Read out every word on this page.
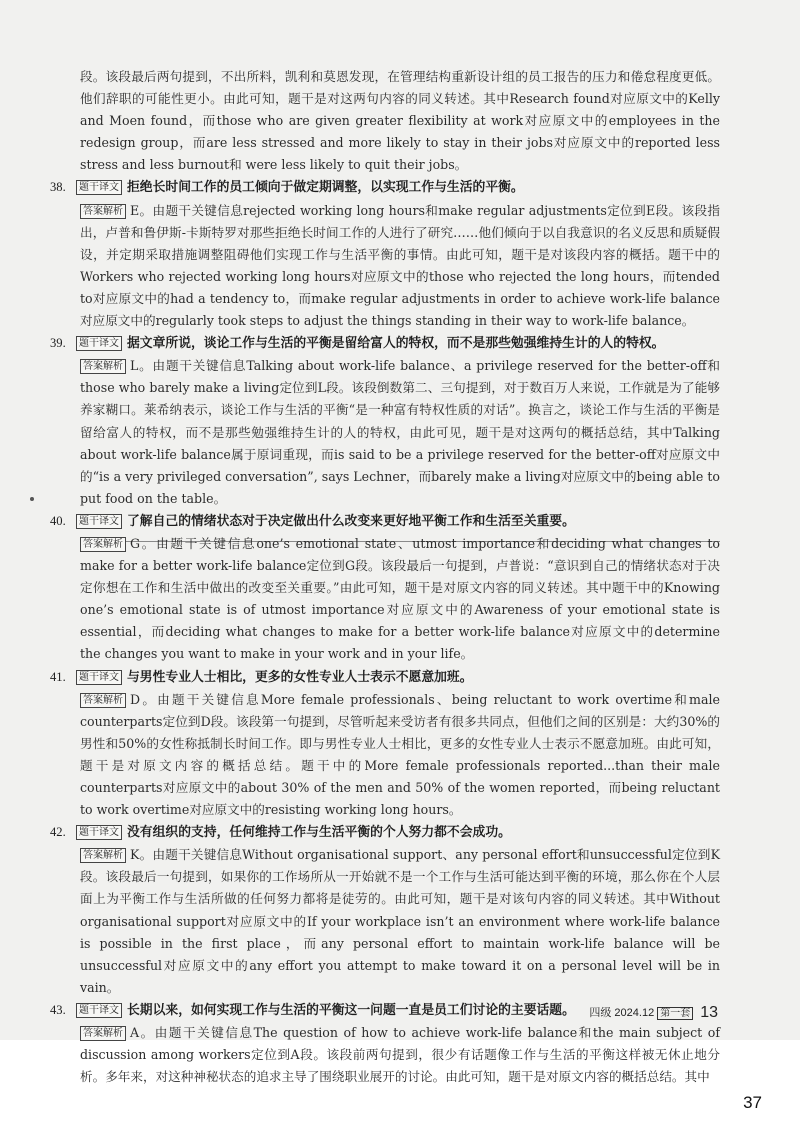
段。该段最后两句提到，不出所料，凯利和莫恩发现，在管理结构重新设计组的员工报告的压力和倦怠程度更低。他们辞职的可能性更小。由此可知，题干是对这两句内容的同义转述。其中Research found对应原文中的Kelly and Moen found，而those who are given greater flexibility at work对应原文中的employees in the redesign group，而are less stressed and more likely to stay in their jobs对应原文中的reported less stress and less burnout和 were less likely to quit their jobs。

38. 题干译文 拒绝长时间工作的员工倾向于做定期调整，以实现工作与生活的平衡。
答案解析 E。由题干关键信息rejected working long hours和make regular adjustments定位到E段。该段指出，卢普和鲁伊斯-卡斯特罗对那些拒绝长时间工作的人进行了研究……他们倾向于以自我意识的名义反思和质疑假设，并定期采取措施调整阻碍他们实现工作与生活平衡的事情。由此可知，题干是对该段内容的概括。题干中的Workers who rejected working long hours对应原文中的those who rejected the long hours，而tended to对应原文中的had a tendency to，而make regular adjustments in order to achieve work-life balance对应原文中的regularly took steps to adjust the things standing in their way to work-life balance。
39. 题干译文 据文章所说，谈论工作与生活的平衡是留给富人的特权，而不是那些勉强维持生计的人的特权。
答案解析 L。由题干关键信息Talking about work-life balance、a privilege reserved for the better-off和those who barely make a living定位到L段。该段倒数第二、三句提到，对于数百万人来说，工作就是为了能够养家糊口。莱希纳表示，谈论工作与生活的平衡“是一种富有特权性质的对话”。换言之，谈论工作与生活的平衡是留给富人的特权，而不是那些勉强维持生计的人的特权，由此可见，题干是对这两句的概括总结，其中Talking about work-life balance属于原词重现，而is said to be a privilege reserved for the better-off对应原文中的“is a very privileged conversation”, says Lechner，而barely make a living对应原文中的being able to put food on the table。
40. 题干译文 了解自己的情绪状态对于决定做出什么改变来更好地平衡工作和生活至关重要。
答案解析 G。由题干关键信息one’s emotional state、utmost importance和deciding what changes to make for a better work-life balance定位到G段。该段最后一句提到，卢普说：“意识到自己的情绪状态对于决定你想在工作和生活中做出的改变至关重要。”由此可知，题干是对原文内容的同义转述。其中题干中的Knowing one’s emotional state is of utmost importance对应原文中的Awareness of your emotional state is essential，而deciding what changes to make for a better work-life balance对应原文中的determine the changes you want to make in your work and in your life。
41. 题干译文 与男性专业人士相比，更多的女性专业人士表示不愿意加班。
答案解析 D。由题干关键信息More female professionals、being reluctant to work overtime和male counterparts定位到D段。该段第一句提到，尽管听起来受访者有很多共同点，但他们之间的区别是：大约30%的男性和50%的女性称抵制长时间工作。即与男性专业人士相比，更多的女性专业人士表示不愿意加班。由此可知，题干是对原文内容的概括总结。题干中的More female professionals reported...than their male counterparts对应原文中的about 30% of the men and 50% of the women reported，而being reluctant to work overtime对应原文中的resisting working long hours。
42. 题干译文 没有组织的支持，任何维持工作与生活平衡的个人努力都不会成功。
答案解析 K。由题干关键信息Without organisational support、any personal effort和unsuccessful定位到K段。该段最后一句提到，如果你的工作场所从一开始就不是一个工作与生活可能达到平衡的环境，那么你在个人层面上为平衡工作与生活所做的任何努力都将是徒劳的。由此可知，题干是对该句内容的同义转述。其中Without organisational support对应原文中的If your workplace isn’t an environment where work-life balance is possible in the first place，而any personal effort to maintain work-life balance will be unsuccessful对应原文中的any effort you attempt to make toward it on a personal level will be in vain。
43. 题干译文 长期以来，如何实现工作与生活的平衡这一问题一直是员工们讨论的主要话题。
答案解析 A。由题干关键信息The question of how to achieve work-life balance和the main subject of discussion among workers定位到A段。该段前两句提到，很少有话题像工作与生活的平衡这样被无休止地分析。多年来，对这种神秘状态的追求主导了围绕职业展开的讨论。由此可知，题干是对原文内容的概括总结。其中
四级 2024.12 第一套 13
37
